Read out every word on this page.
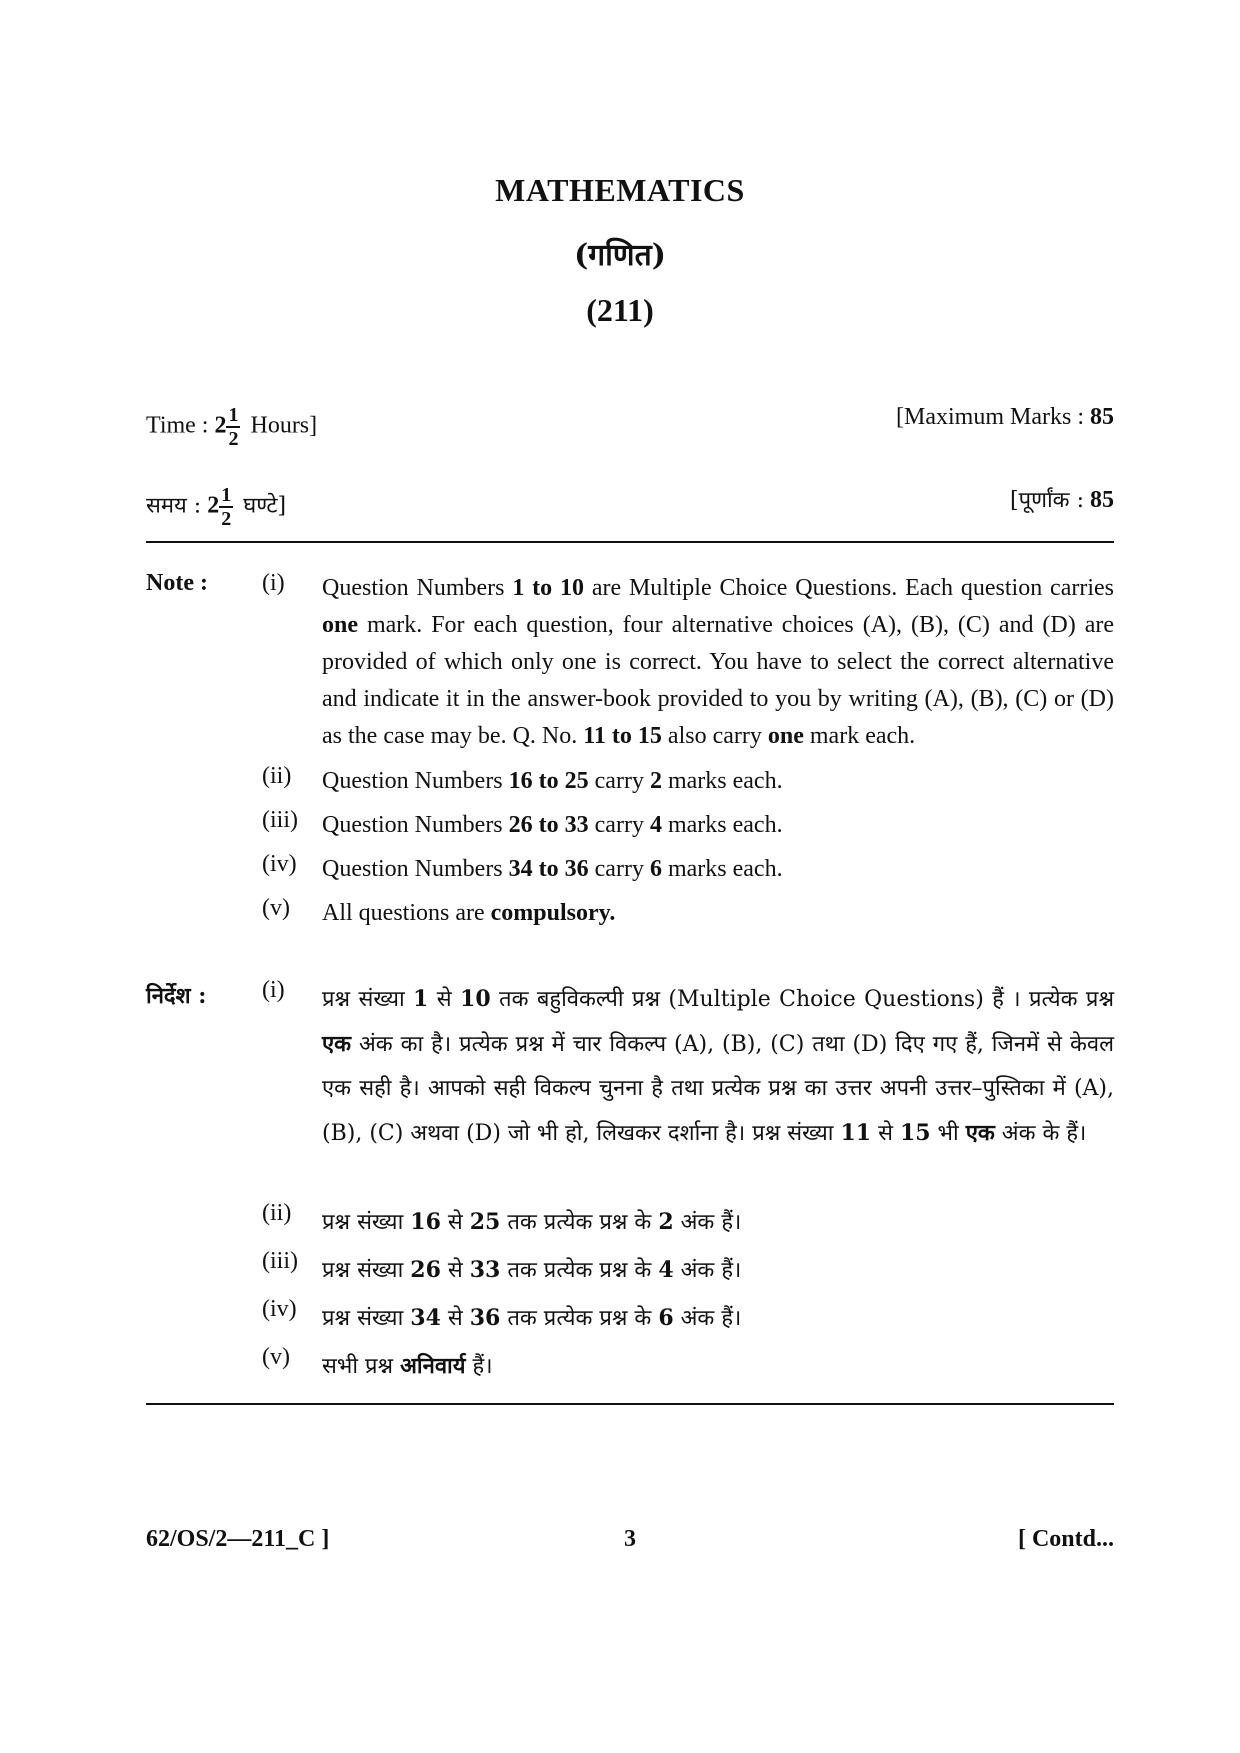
MATHEMATICS
(गणित)
(211)
Time : $2 \frac{1}{2}$ Hours]	[Maximum Marks : 85
समय : $2 \frac{1}{2}$ घण्टे]	[पूर्णांक : 85
Note : (i)	Question Numbers 1 to 10 are Multiple Choice Questions. Each question carries one mark. For each question, four alternative choices (A), (B), (C) and (D) are provided of which only one is correct. You have to select the correct alternative and indicate it in the answer-book provided to you by writing (A), (B), (C) or (D) as the case may be. Q. No. 11 to 15 also carry one mark each.
(ii)	Question Numbers 16 to 25 carry 2 marks each.
(iii)	Question Numbers 26 to 33 carry 4 marks each.
(iv)	Question Numbers 34 to 36 carry 6 marks each.
(v)	All questions are compulsory.
निर्देश : (i) प्रश्न संख्या 1 से 10 तक बहुविकल्पी प्रश्न (Multiple Choice Questions) हैं । प्रत्येक प्रश्न एक अंक का है। प्रत्येक प्रश्न में चार विकल्प (A), (B), (C) तथा (D) दिए गए हैं, जिनमें से केवल एक सही है। आपको सही विकल्प चुनना है तथा प्रत्येक प्रश्न का उत्तर अपनी उत्तर–पुस्तिका में (A), (B), (C) अथवा (D) जो भी हो, लिखकर दर्शाना है। प्रश्न संख्या 11 से 15 भी एक अंक के हैं।
(ii) प्रश्न संख्या 16 से 25 तक प्रत्येक प्रश्न के 2 अंक हैं।
(iii) प्रश्न संख्या 26 से 33 तक प्रत्येक प्रश्न के 4 अंक हैं।
(iv) प्रश्न संख्या 34 से 36 तक प्रत्येक प्रश्न के 6 अंक हैं।
(v) सभी प्रश्न अनिवार्य हैं।
62/OS/2—211_C ]	3	[ Contd...
